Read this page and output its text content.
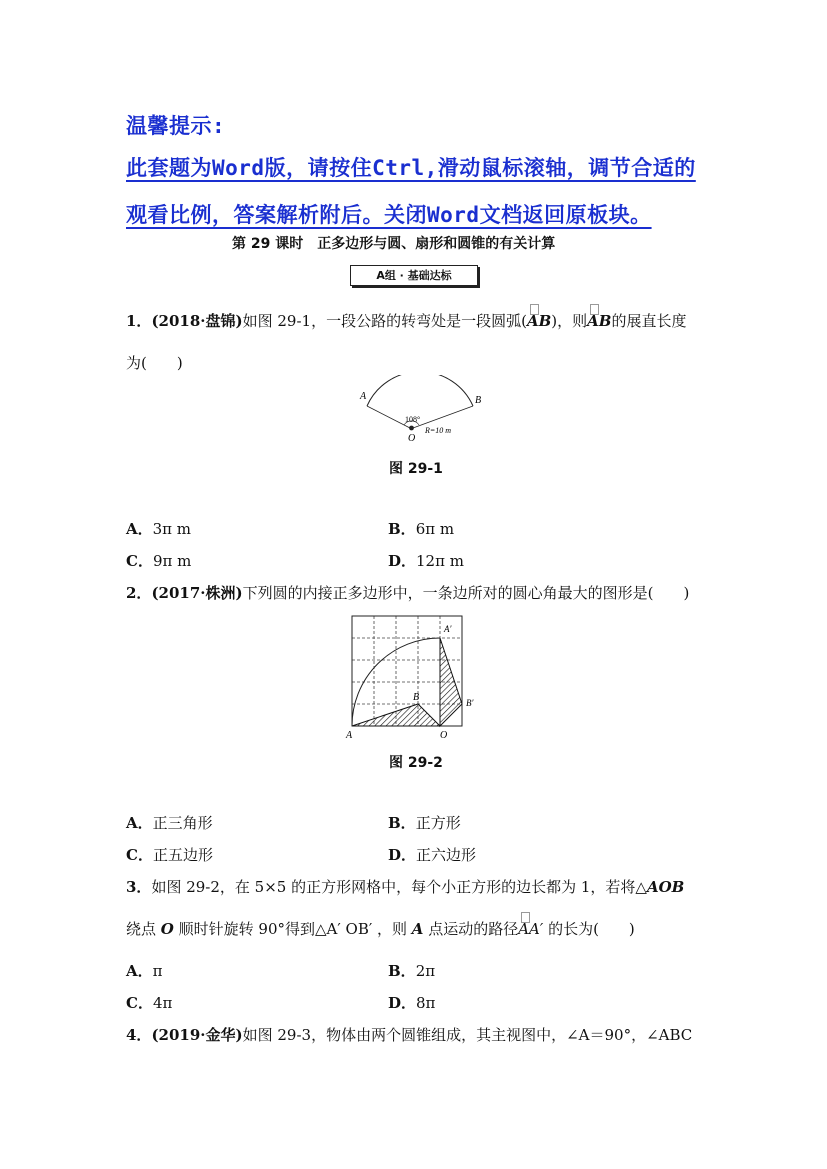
温馨提示:
此套题为Word版，请按住Ctrl,滑动鼠标滚轴，调节合适的
观看比例，答案解析附后。关闭Word文档返回原板块。
第 29 课时　正多边形与圆、扇形和圆锥的有关计算
A组 · 基础达标
1．(2018·盘锦)如图 29-1，一段公路的转弯处是一段圆弧(AB)，则AB的展直长度
为(　　)
A	B
108°
O
R=10 m
图 29-1
A．3π m	B．6π m
C．9π m	D．12π m
2．(2017·株洲)下列圆的内接正多边形中，一条边所对的圆心角最大的图形是(　　)
A
B
O
A′
B′
图 29-2
A．正三角形	B．正方形
C．正五边形	D．正六边形
3．如图 29-2，在 5×5 的正方形网格中，每个小正方形的边长都为 1，若将△AOB
绕点 O 顺时针旋转 90°得到△A′ OB′ ，则 A 点运动的路径AA′ 的长为(　　)
A．π	B．2π
C．4π	D．8π
4．(2019·金华)如图 29-3，物体由两个圆锥组成，其主视图中，∠A＝90°，∠ABC
